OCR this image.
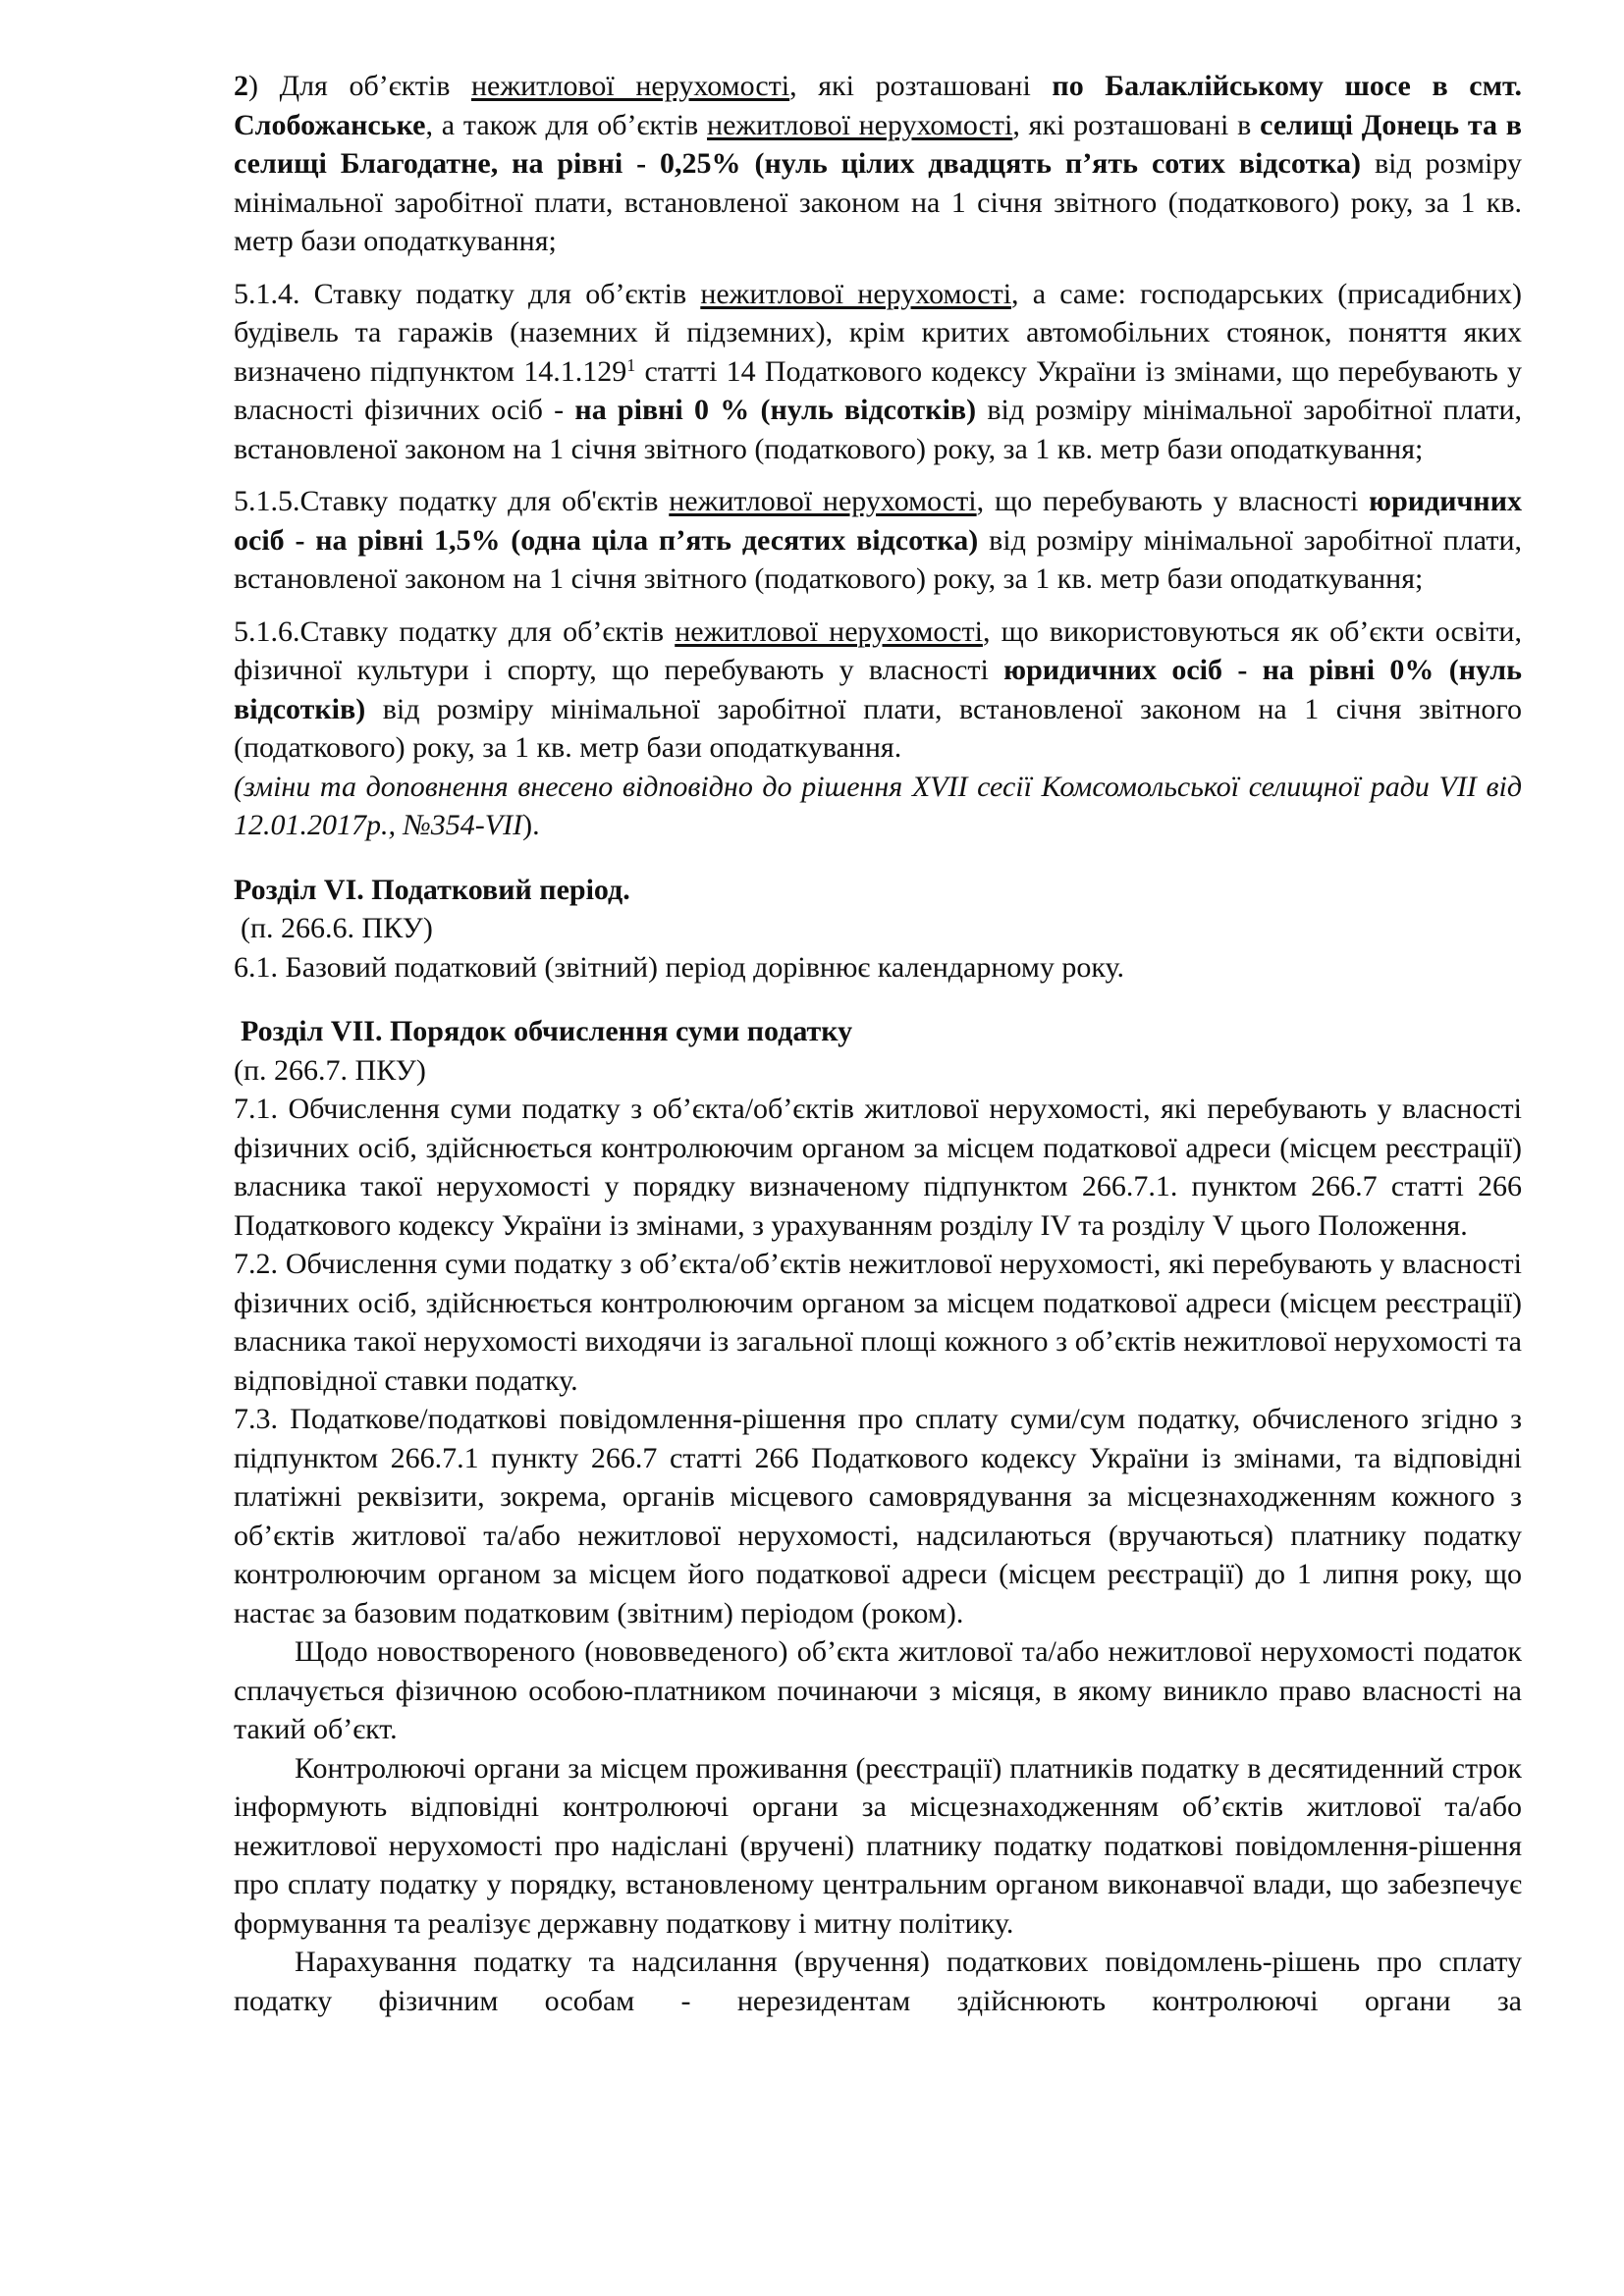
2) Для об’єктів нежитлової нерухомості, які розташовані по Балаклійському шосе в смт. Слобожанське, а також для об’єктів нежитлової нерухомості, які розташовані в селищі Донець та в селищі Благодатне, на рівні - 0,25% (нуль цілих двадцять п’ять сотих відсотка) від розміру мінімальної заробітної плати, встановленої законом на 1 січня звітного (податкового) року, за 1 кв. метр бази оподаткування;

5.1.4. Ставку податку для об’єктів нежитлової нерухомості, а саме: господарських (присадибних) будівель та гаражів (наземних й підземних), крім критих автомобільних стоянок, поняття яких визначено підпунктом 14.1.129$^1$ статті 14 Податкового кодексу України із змінами, що перебувають у власності фізичних осіб - на рівні 0 % (нуль відсотків) від розміру мінімальної заробітної плати, встановленої законом на 1 січня звітного (податкового) року, за 1 кв. метр бази оподаткування;

5.1.5.Ставку податку для об'єктів нежитлової нерухомості, що перебувають у власності юридичних осіб - на рівні 1,5% (одна ціла п’ять десятих відсотка) від розміру мінімальної заробітної плати, встановленої законом на 1 січня звітного (податкового) року, за 1 кв. метр бази оподаткування;

5.1.6.Ставку податку для об’єктів нежитлової нерухомості, що використовуються як об’єкти освіти, фізичної культури і спорту, що перебувають у власності юридичних осіб - на рівні 0% (нуль відсотків) від розміру мінімальної заробітної плати, встановленої законом на 1 січня звітного (податкового) року, за 1 кв. метр бази оподаткування.

(зміни та доповнення внесено відповідно до рішення XVII сесії Комсомольської селищної ради VII від 12.01.2017р., №354-VII).

Розділ VI. Податковий період.

(п. 266.6. ПКУ)

6.1. Базовий податковий (звітний) період дорівнює календарному року.

Розділ VII. Порядок обчислення суми податку

(п. 266.7. ПКУ)

7.1. Обчислення суми податку з об’єкта/об’єктів житлової нерухомості, які перебувають у власності фізичних осіб, здійснюється контролюючим органом за місцем податкової адреси (місцем реєстрації) власника такої нерухомості у порядку визначеному підпунктом 266.7.1. пунктом 266.7 статті 266 Податкового кодексу України із змінами, з урахуванням розділу IV та розділу V цього Положення.

7.2. Обчислення суми податку з об’єкта/об’єктів нежитлової нерухомості, які перебувають у власності фізичних осіб, здійснюється контролюючим органом за місцем податкової адреси (місцем реєстрації) власника такої нерухомості виходячи із загальної площі кожного з об’єктів нежитлової нерухомості та відповідної ставки податку.

7.3. Податкове/податкові повідомлення-рішення про сплату суми/сум податку, обчисленого згідно з підпунктом 266.7.1 пункту 266.7 статті 266 Податкового кодексу України із змінами, та відповідні платіжні реквізити, зокрема, органів місцевого самоврядування за місцезнаходженням кожного з об’єктів житлової та/або нежитлової нерухомості, надсилаються (вручаються) платнику податку контролюючим органом за місцем його податкової адреси (місцем реєстрації) до 1 липня року, що настає за базовим податковим (звітним) періодом (роком).

Щодо новоствореного (нововведеного) об’єкта житлової та/або нежитлової нерухомості податок сплачується фізичною особою-платником починаючи з місяця, в якому виникло право власності на такий об’єкт.

Контролюючі органи за місцем проживання (реєстрації) платників податку в десятиденний строк інформують відповідні контролюючі органи за місцезнаходженням об’єктів житлової та/або нежитлової нерухомості про надіслані (вручені) платнику податку податкові повідомлення-рішення про сплату податку у порядку, встановленому центральним органом виконавчої влади, що забезпечує формування та реалізує державну податкову і митну політику.

Нарахування податку та надсилання (вручення) податкових повідомлень-рішень про сплату податку фізичним особам - нерезидентам здійснюють контролюючі органи за
